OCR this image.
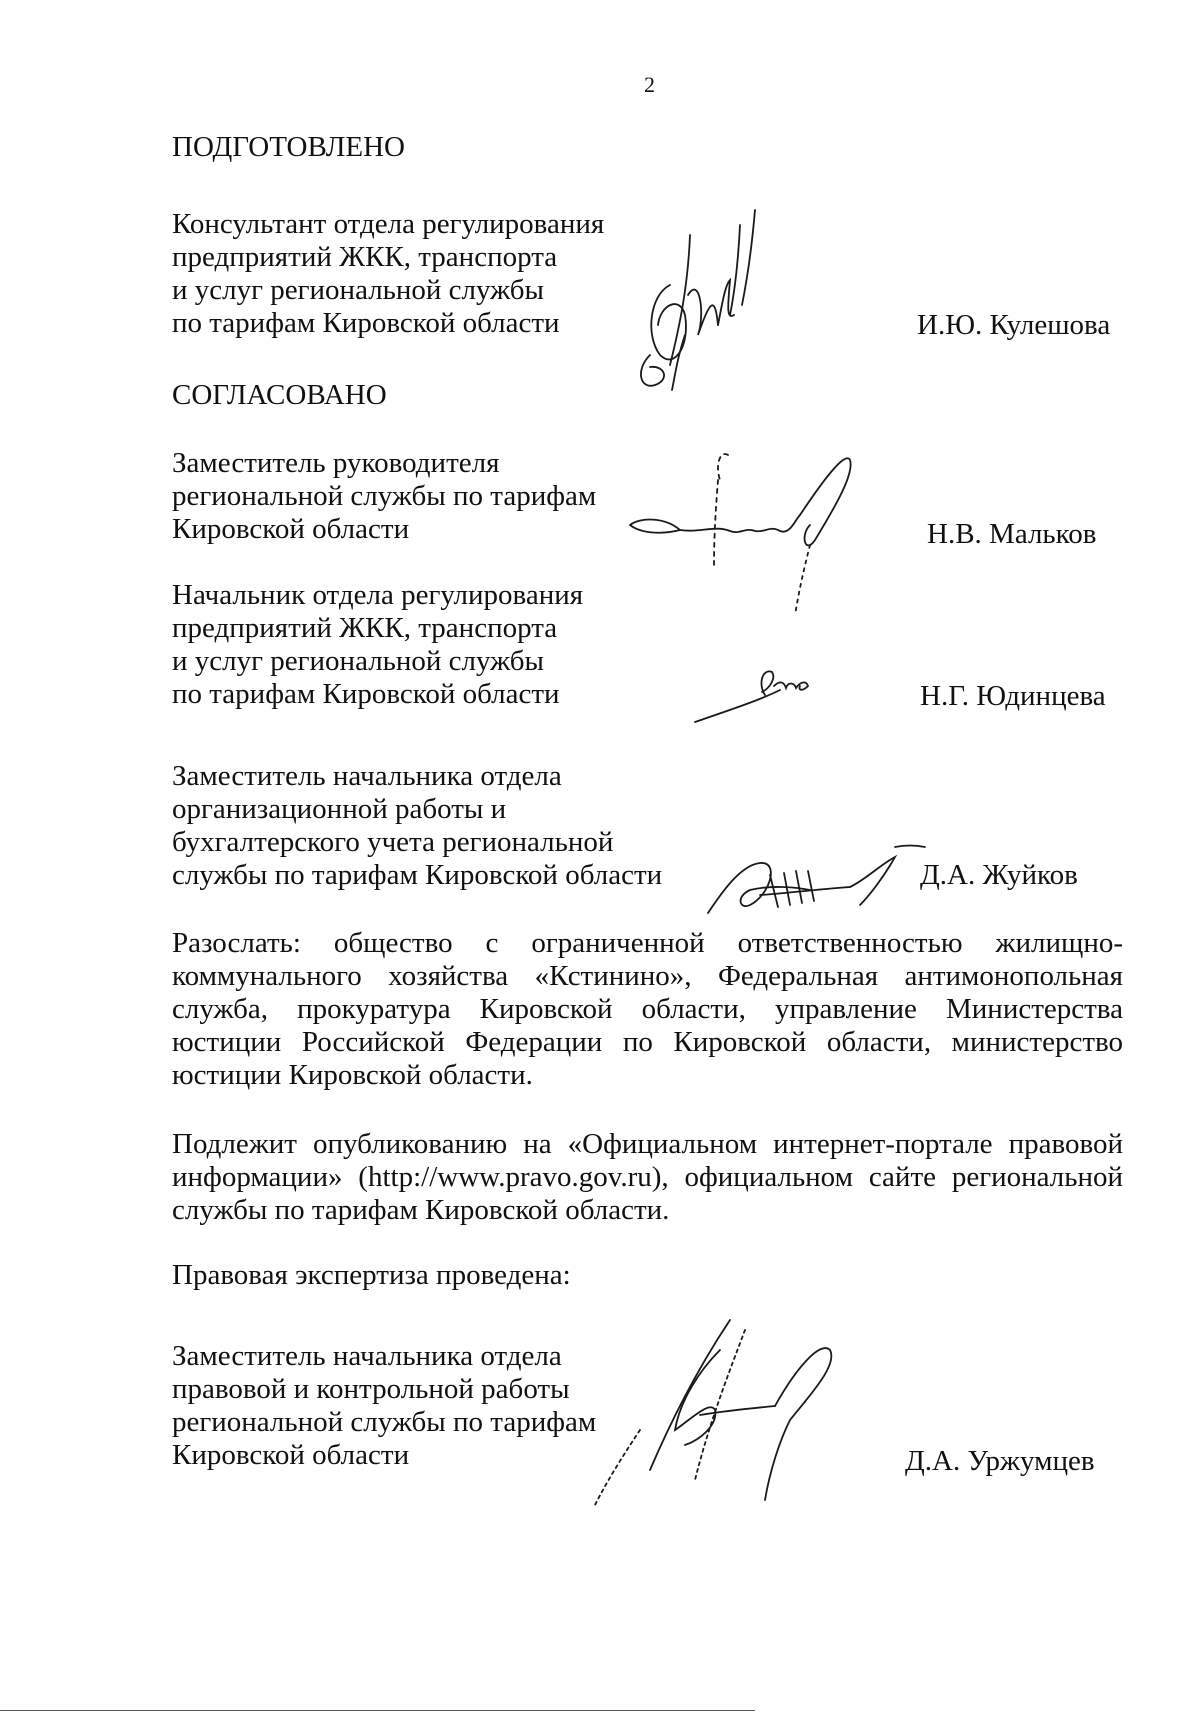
2
ПОДГОТОВЛЕНО
Консультант отдела регулирования
предприятий ЖКК, транспорта
и услуг региональной службы
по тарифам Кировской области	И.Ю. Кулешова
СОГЛАСОВАНО
Заместитель руководителя
региональной службы по тарифам
Кировской области	Н.В. Мальков
Начальник отдела регулирования
предприятий ЖКК, транспорта
и услуг региональной службы
по тарифам Кировской области	Н.Г. Юдинцева
Заместитель начальника отдела
организационной работы и
бухгалтерского учета региональной
службы по тарифам Кировской области	Д.А. Жуйков
Разослать: общество с ограниченной ответственностью жилищно-коммунального хозяйства «Кстинино», Федеральная антимонопольная служба, прокуратура Кировской области, управление Министерства юстиции Российской Федерации по Кировской области, министерство юстиции Кировской области.
Подлежит опубликованию на «Официальном интернет-портале правовой информации» (http://www.pravo.gov.ru), официальном сайте региональной службы по тарифам Кировской области.
Правовая экспертиза проведена:
Заместитель начальника отдела
правовой и контрольной работы
региональной службы по тарифам
Кировской области	Д.А. Уржумцев
